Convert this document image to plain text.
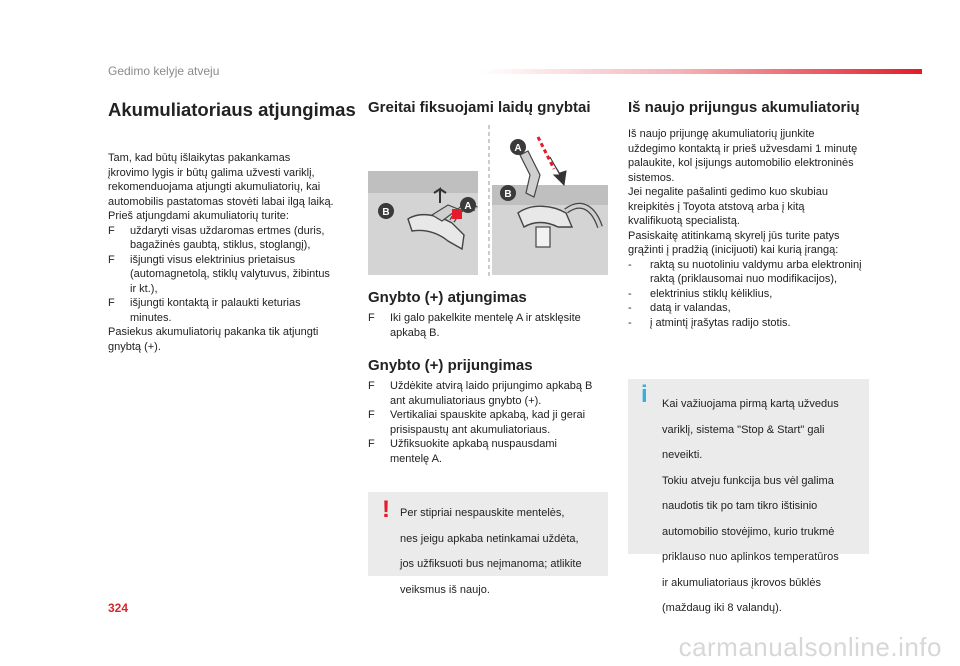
Gedimo kelyje atveju
Akumuliatoriaus atjungimas

Tam, kad būtų išlaikytas pakankamas

įkrovimo lygis ir būtų galima užvesti variklį,

rekomenduojama atjungti akumuliatorių, kai

automobilis pastatomas stovėti labai ilgą laiką.

Prieš atjungdami akumuliatorių turite:

F uždaryti visas uždaromas ertmes (duris,

bagažinės gaubtą, stiklus, stoglangį),

F išjungti visus elektrinius prietaisus

(automagnetolą, stiklų valytuvus, žibintus

ir kt.),

F išjungti kontaktą ir palaukti keturias

minutes.

Pasiekus akumuliatorių pakanka tik atjungti

gnybtą (+).

Greitai fiksuojami laidų gnybtai
A
B
A
B
Gnybto (+) atjungimas
F Iki galo pakelkite mentelę A ir atsklęsite

apkabą B.

Gnybto (+) prijungimas
F Uždėkite atvirą laido prijungimo apkabą B

ant akumuliatoriaus gnybto (+).

F Vertikaliai spauskite apkabą, kad ji gerai

prisispaustų ant akumuliatoriaus.

F Užfiksuokite apkabą nuspausdami

mentelę A.

! Per stipriai nespauskite mentelės,

nes jeigu apkaba netinkamai uždėta,

jos užfiksuoti bus neįmanoma; atlikite

veiksmus iš naujo.

Iš naujo prijungus akumuliatorių

Iš naujo prijungę akumuliatorių įjunkite

uždegimo kontaktą ir prieš užvesdami 1 minutę

palaukite, kol įsijungs automobilio elektroninės

sistemos.

Jei negalite pašalinti gedimo kuo skubiau

kreipkitės į Toyota atstovą arba į kitą

kvalifikuotą specialistą.

Pasiskaitę atitinkamą skyrelį jūs turite patys

grąžinti į pradžią (inicijuoti) kai kurią įrangą:

- raktą su nuotoliniu valdymu arba elektroninį

raktą (priklausomai nuo modifikacijos),

- elektrinius stiklų kėliklius,

- datą ir valandas,

- į atmintį įrašytas radijo stotis.

i Kai važiuojama pirmą kartą užvedus

variklį, sistema "Stop & Start" gali

neveikti.

Tokiu atveju funkcija bus vėl galima

naudotis tik po tam tikro ištisinio

automobilio stovėjimo, kurio trukmė

priklauso nuo aplinkos temperatūros

ir akumuliatoriaus įkrovos būklės

(maždaug iki 8 valandų).

324
carmanualsonline.info
